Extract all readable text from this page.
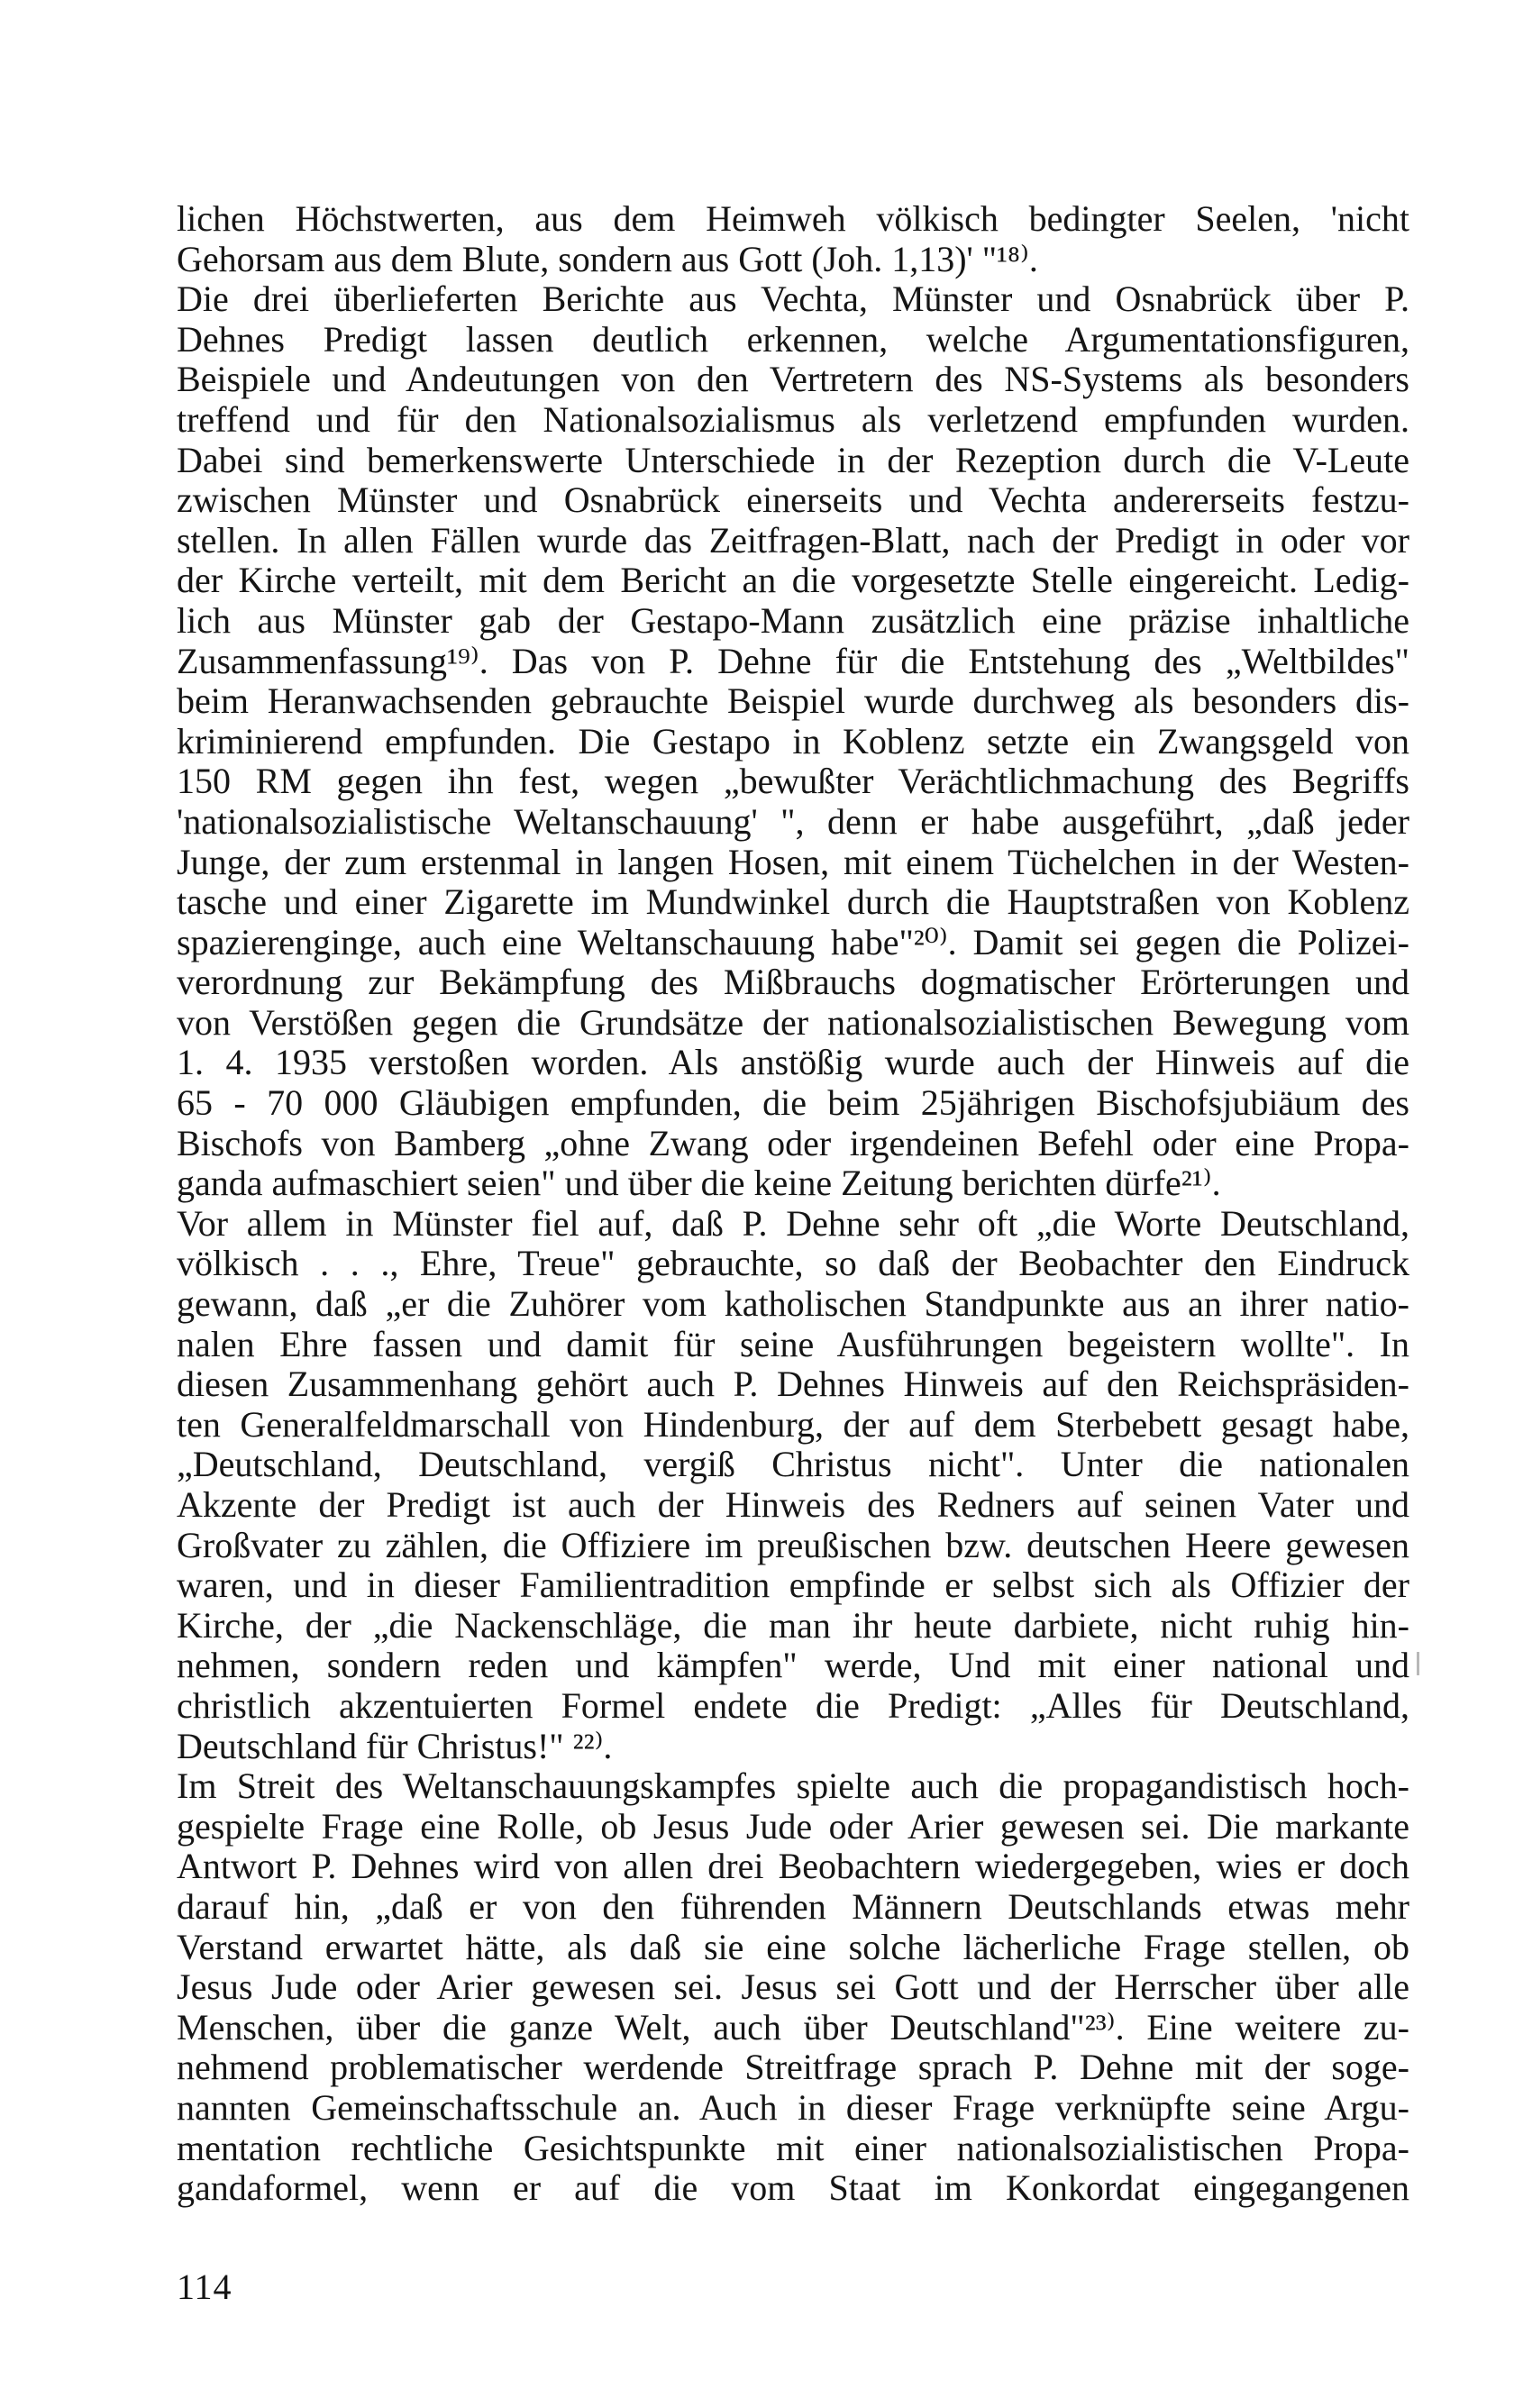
lichen Höchstwerten, aus dem Heimweh völkisch bedingter Seelen, 'nicht
Gehorsam aus dem Blute, sondern aus Gott (Joh. 1,13)' "¹⁸⁾.
Die drei überlieferten Berichte aus Vechta, Münster und Osnabrück über P.
Dehnes Predigt lassen deutlich erkennen, welche Argumentationsfiguren,
Beispiele und Andeutungen von den Vertretern des NS-Systems als besonders
treffend und für den Nationalsozialismus als verletzend empfunden wurden.
Dabei sind bemerkenswerte Unterschiede in der Rezeption durch die V-Leute
zwischen Münster und Osnabrück einerseits und Vechta andererseits festzu-
stellen. In allen Fällen wurde das Zeitfragen-Blatt, nach der Predigt in oder vor
der Kirche verteilt, mit dem Bericht an die vorgesetzte Stelle eingereicht. Ledig-
lich aus Münster gab der Gestapo-Mann zusätzlich eine präzise inhaltliche
Zusammenfassung¹⁹⁾. Das von P. Dehne für die Entstehung des „Weltbildes"
beim Heranwachsenden gebrauchte Beispiel wurde durchweg als besonders dis-
kriminierend empfunden. Die Gestapo in Koblenz setzte ein Zwangsgeld von
150 RM gegen ihn fest, wegen „bewußter Verächtlichmachung des Begriffs
'nationalsozialistische Weltanschauung' ", denn er habe ausgeführt, „daß jeder
Junge, der zum erstenmal in langen Hosen, mit einem Tüchelchen in der Westen-
tasche und einer Zigarette im Mundwinkel durch die Hauptstraßen von Koblenz
spazierenginge, auch eine Weltanschauung habe"²⁰⁾. Damit sei gegen die Polizei-
verordnung zur Bekämpfung des Mißbrauchs dogmatischer Erörterungen und
von Verstößen gegen die Grundsätze der nationalsozialistischen Bewegung vom
1. 4. 1935 verstoßen worden. Als anstößig wurde auch der Hinweis auf die
65 - 70 000 Gläubigen empfunden, die beim 25jährigen Bischofsjubiäum des
Bischofs von Bamberg „ohne Zwang oder irgendeinen Befehl oder eine Propa-
ganda aufmaschiert seien" und über die keine Zeitung berichten dürfe²¹⁾.
Vor allem in Münster fiel auf, daß P. Dehne sehr oft „die Worte Deutschland,
völkisch . . ., Ehre, Treue" gebrauchte, so daß der Beobachter den Eindruck
gewann, daß „er die Zuhörer vom katholischen Standpunkte aus an ihrer natio-
nalen Ehre fassen und damit für seine Ausführungen begeistern wollte". In
diesen Zusammenhang gehört auch P. Dehnes Hinweis auf den Reichspräsiden-
ten Generalfeldmarschall von Hindenburg, der auf dem Sterbebett gesagt habe,
„Deutschland, Deutschland, vergiß Christus nicht". Unter die nationalen
Akzente der Predigt ist auch der Hinweis des Redners auf seinen Vater und
Großvater zu zählen, die Offiziere im preußischen bzw. deutschen Heere gewesen
waren, und in dieser Familientradition empfinde er selbst sich als Offizier der
Kirche, der „die Nackenschläge, die man ihr heute darbiete, nicht ruhig hin-
nehmen, sondern reden und kämpfen" werde, Und mit einer national und
christlich akzentuierten Formel endete die Predigt: „Alles für Deutschland,
Deutschland für Christus!" ²²⁾.
Im Streit des Weltanschauungskampfes spielte auch die propagandistisch hoch-
gespielte Frage eine Rolle, ob Jesus Jude oder Arier gewesen sei. Die markante
Antwort P. Dehnes wird von allen drei Beobachtern wiedergegeben, wies er doch
darauf hin, „daß er von den führenden Männern Deutschlands etwas mehr
Verstand erwartet hätte, als daß sie eine solche lächerliche Frage stellen, ob
Jesus Jude oder Arier gewesen sei. Jesus sei Gott und der Herrscher über alle
Menschen, über die ganze Welt, auch über Deutschland"²³⁾. Eine weitere zu-
nehmend problematischer werdende Streitfrage sprach P. Dehne mit der soge-
nannten Gemeinschaftsschule an. Auch in dieser Frage verknüpfte seine Argu-
mentation rechtliche Gesichtspunkte mit einer nationalsozialistischen Propa-
gandaformel, wenn er auf die vom Staat im Konkordat eingegangenen
114
